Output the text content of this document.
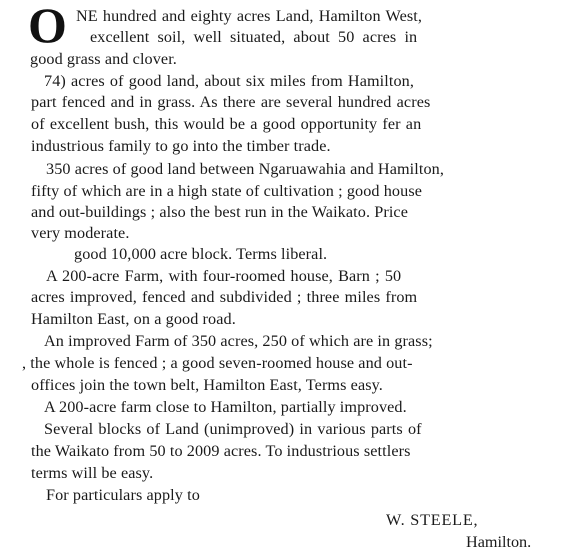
O NE hundred and eighty acres Land, Hamilton West,
excellent soil, well situated, about 50 acres in
good grass and clover.
74) acres of good land, about six miles from Hamilton,
part fenced and in grass. As there are several hundred acres
of excellent bush, this would be a good opportunity fer an
industrious family to go into the timber trade.
350 acres of good land between Ngaruawahia and Hamilton,
fifty of which are in a high state of cultivation ; good house
and out-buildings ; also the best run in the Waikato. Price
very moderate.
good 10,000 acre block. Terms liberal.
A 200-acre Farm, with four-roomed house, Barn ; 50
acres improved, fenced and subdivided ; three miles from
Hamilton East, on a good road.
An improved Farm of 350 acres, 250 of which are in grass;
, the whole is fenced ; a good seven-roomed house and out-
offices join the town belt, Hamilton East, Terms easy.
A 200-acre farm close to Hamilton, partially improved.
Several blocks of Land (unimproved) in various parts of
the Waikato from 50 to 2009 acres. To industrious settlers
terms will be easy.
For particulars apply to
W. STEELE,
Hamilton.
